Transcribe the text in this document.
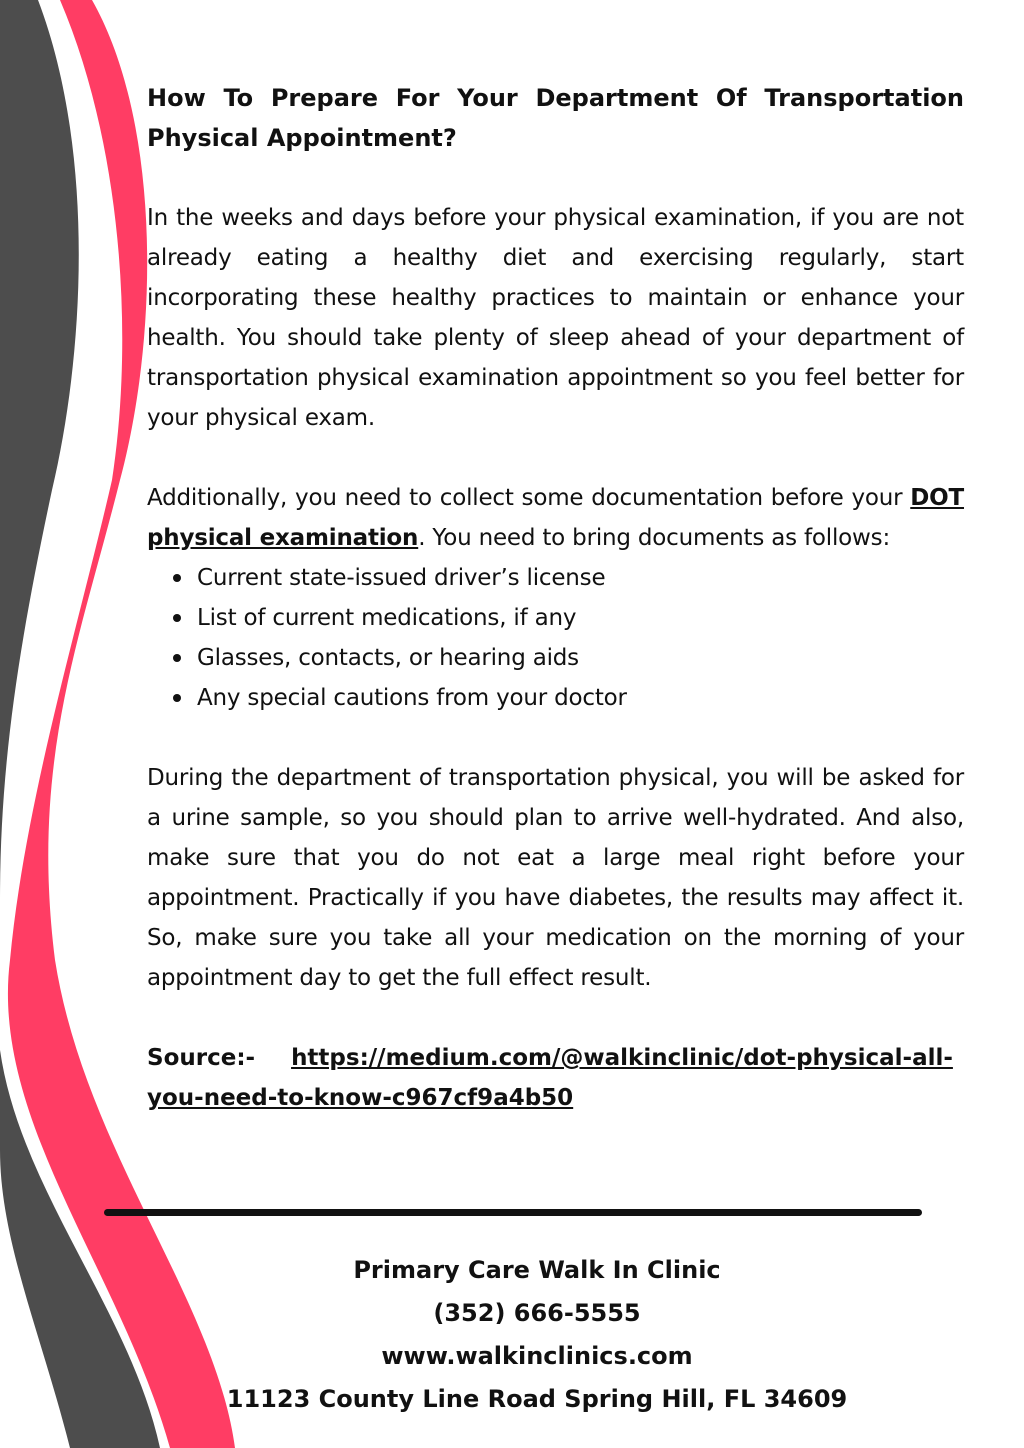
How To Prepare For Your Department Of Transportation Physical Appointment?

In the weeks and days before your physical examination, if you are not already eating a healthy diet and exercising regularly, start incorporating these healthy practices to maintain or enhance your health. You should take plenty of sleep ahead of your department of transportation physical examination appointment so you feel better for your physical exam.

Additionally, you need to collect some documentation before your DOT physical examination. You need to bring documents as follows:

Current state-issued driver’s license
List of current medications, if any
Glasses, contacts, or hearing aids
Any special cautions from your doctor

During the department of transportation physical, you will be asked for a urine sample, so you should plan to arrive well-hydrated. And also, make sure that you do not eat a large meal right before your appointment. Practically if you have diabetes, the results may affect it. So, make sure you take all your medication on the morning of your appointment day to get the full effect result.

Source:- https://medium.com/@walkinclinic/dot-physical-all-you-need-to-know-c967cf9a4b50

Primary Care Walk In Clinic
(352) 666-5555
www.walkinclinics.com
11123 County Line Road Spring Hill, FL 34609
